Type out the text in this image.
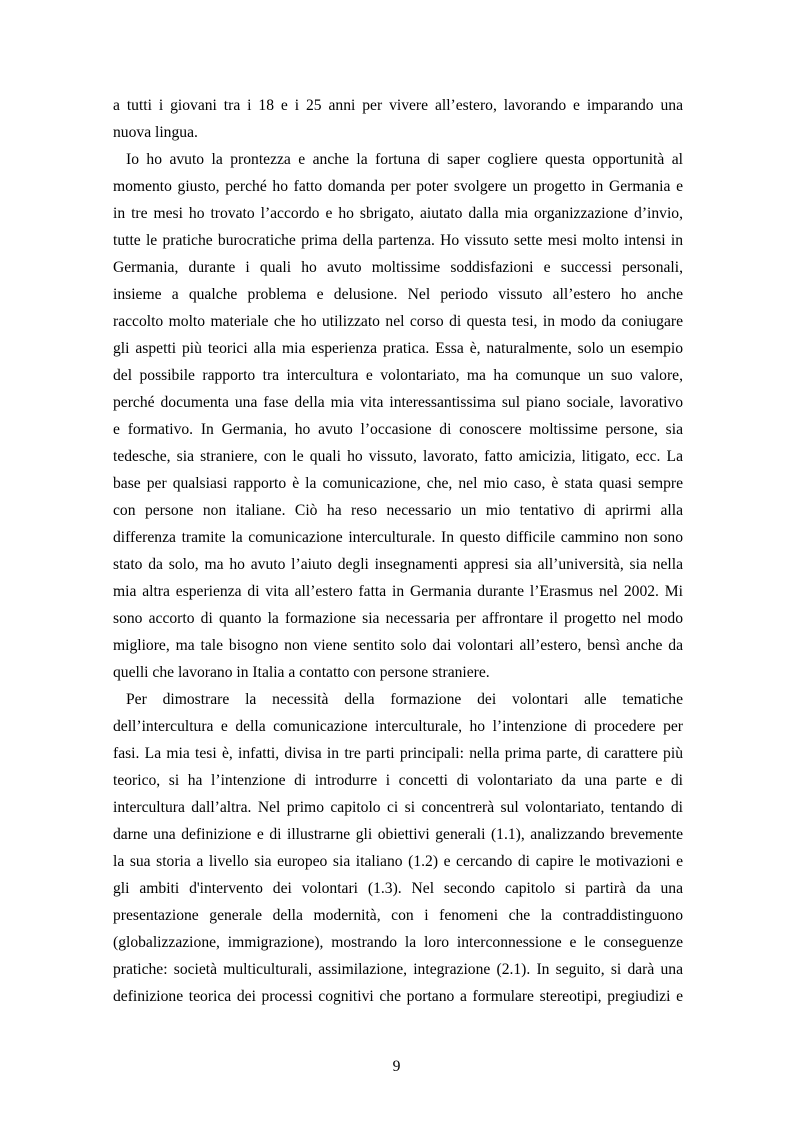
a tutti i giovani tra i 18 e i 25 anni per vivere all’estero, lavorando e imparando una
nuova lingua.
Io ho avuto la prontezza e anche la fortuna di saper cogliere questa opportunità al
momento giusto, perché ho fatto domanda per poter svolgere un progetto in Germania e
in tre mesi ho trovato l’accordo e ho sbrigato, aiutato dalla mia organizzazione d’invio,
tutte le pratiche burocratiche prima della partenza. Ho vissuto sette mesi molto intensi in
Germania, durante i quali ho avuto moltissime soddisfazioni e successi personali,
insieme a qualche problema e delusione. Nel periodo vissuto all’estero ho anche
raccolto molto materiale che ho utilizzato nel corso di questa tesi, in modo da coniugare
gli aspetti più teorici alla mia esperienza pratica. Essa è, naturalmente, solo un esempio
del possibile rapporto tra intercultura e volontariato, ma ha comunque un suo valore,
perché documenta una fase della mia vita interessantissima sul piano sociale, lavorativo
e formativo. In Germania, ho avuto l’occasione di conoscere moltissime persone, sia
tedesche, sia straniere, con le quali ho vissuto, lavorato, fatto amicizia, litigato, ecc. La
base per qualsiasi rapporto è la comunicazione, che, nel mio caso, è stata quasi sempre
con persone non italiane. Ciò ha reso necessario un mio tentativo di aprirmi alla
differenza tramite la comunicazione interculturale. In questo difficile cammino non sono
stato da solo, ma ho avuto l’aiuto degli insegnamenti appresi sia all’università, sia nella
mia altra esperienza di vita all’estero fatta in Germania durante l’Erasmus nel 2002. Mi
sono accorto di quanto la formazione sia necessaria per affrontare il progetto nel modo
migliore, ma tale bisogno non viene sentito solo dai volontari all’estero, bensì anche da
quelli che lavorano in Italia a contatto con persone straniere.
Per dimostrare la necessità della formazione dei volontari alle tematiche
dell’intercultura e della comunicazione interculturale, ho l’intenzione di procedere per
fasi. La mia tesi è, infatti, divisa in tre parti principali: nella prima parte, di carattere più
teorico, si ha l’intenzione di introdurre i concetti di volontariato da una parte e di
intercultura dall’altra. Nel primo capitolo ci si concentrerà sul volontariato, tentando di
darne una definizione e di illustrarne gli obiettivi generali (1.1), analizzando brevemente
la sua storia a livello sia europeo sia italiano (1.2) e cercando di capire le motivazioni e
gli ambiti d'intervento dei volontari (1.3). Nel secondo capitolo si partirà da una
presentazione generale della modernità, con i fenomeni che la contraddistinguono
(globalizzazione, immigrazione), mostrando la loro interconnessione e le conseguenze
pratiche: società multiculturali, assimilazione, integrazione (2.1). In seguito, si darà una
definizione teorica dei processi cognitivi che portano a formulare stereotipi, pregiudizi e
9
